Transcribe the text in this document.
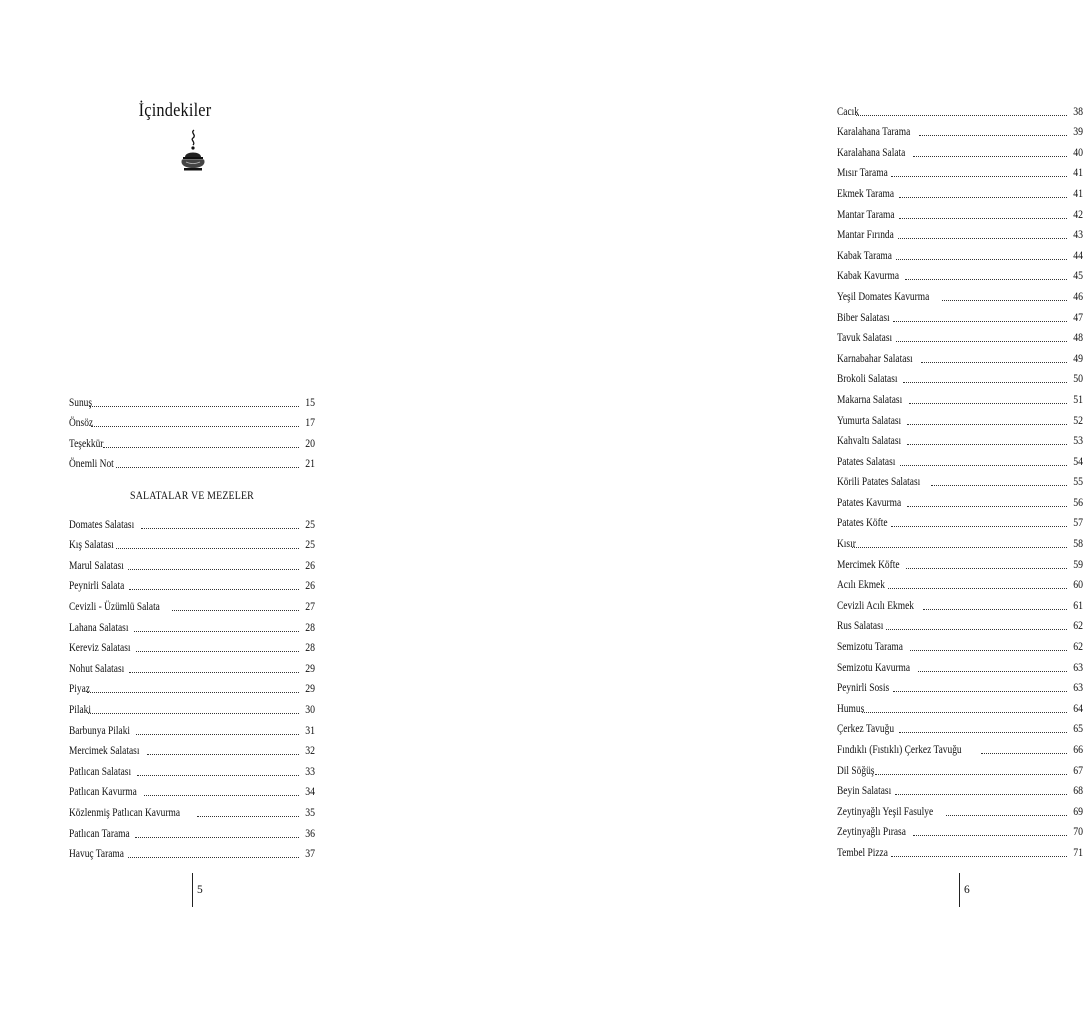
İçindekiler
Sunuş	15
Önsöz	17
Teşekkür	20
Önemli Not	21
SALATALAR VE MEZELER
Domates Salatası	25
Kış Salatası	25
Marul Salatası	26
Peynirli Salata	26
Cevizli - Üzümlü Salata	27
Lahana Salatası	28
Kereviz Salatası	28
Nohut Salatası	29
Piyaz	29
Pilaki	30
Barbunya Pilaki	31
Mercimek Salatası	32
Patlıcan Salatası	33
Patlıcan Kavurma	34
Közlenmiş Patlıcan Kavurma	35
Patlıcan Tarama	36
Havuç Tarama	37
5
Cacık	38
Karalahana Tarama	39
Karalahana Salata	40
Mısır Tarama	41
Ekmek Tarama	41
Mantar Tarama	42
Mantar Fırında	43
Kabak Tarama	44
Kabak Kavurma	45
Yeşil Domates Kavurma	46
Biber Salatası	47
Tavuk Salatası	48
Karnabahar Salatası	49
Brokoli Salatası	50
Makarna Salatası	51
Yumurta Salatası	52
Kahvaltı Salatası	53
Patates Salatası	54
Körili Patates Salatası	55
Patates Kavurma	56
Patates Köfte	57
Kısır	58
Mercimek Köfte	59
Acılı Ekmek	60
Cevizli Acılı Ekmek	61
Rus Salatası	62
Semizotu Tarama	62
Semizotu Kavurma	63
Peynirli Sosis	63
Humus	64
Çerkez Tavuğu	65
Fındıklı (Fıstıklı) Çerkez Tavuğu	66
Dil Söğüş	67
Beyin Salatası	68
Zeytinyağlı Yeşil Fasulye	69
Zeytinyağlı Pırasa	70
Tembel Pizza	71
6
